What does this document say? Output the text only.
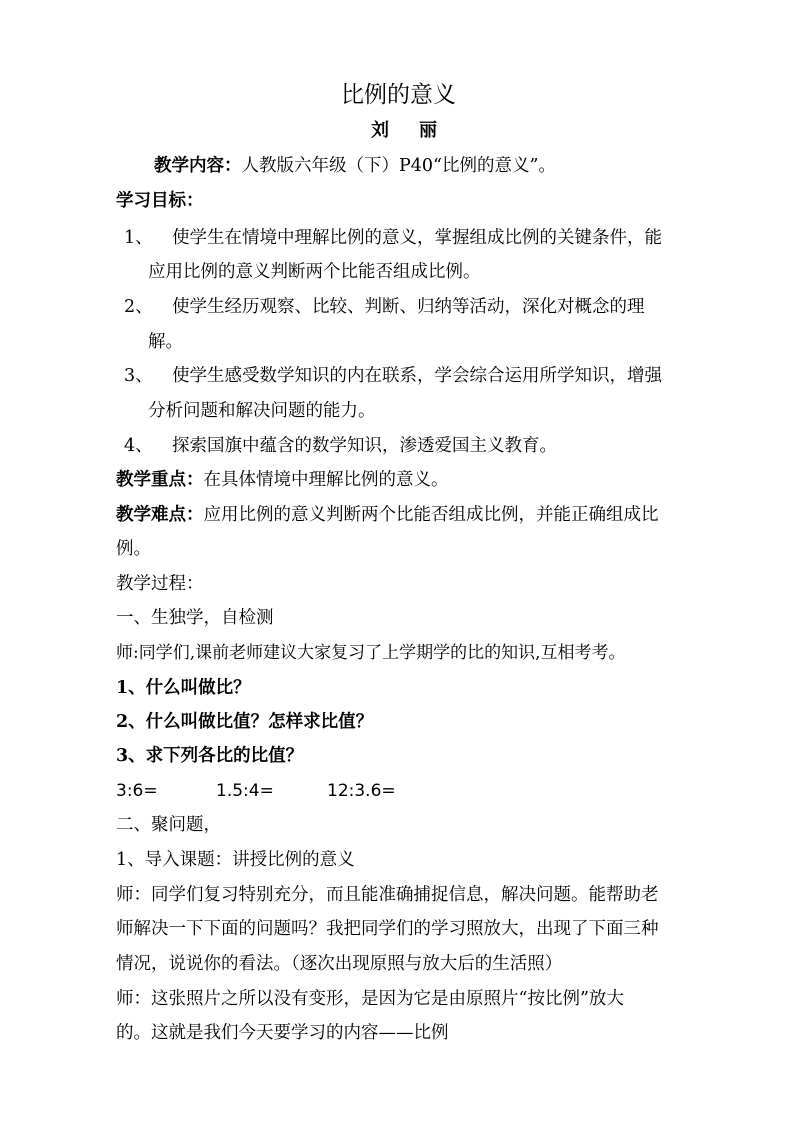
比例的意义
刘丽
教学内容：人教版六年级（下）P40“比例的意义”。
学习目标：
1、 使学生在情境中理解比例的意义，掌握组成比例的关键条件，能
应用比例的意义判断两个比能否组成比例。
2、 使学生经历观察、比较、判断、归纳等活动，深化对概念的理
解。
3、 使学生感受数学知识的内在联系，学会综合运用所学知识，增强
分析问题和解决问题的能力。
4、 探索国旗中蕴含的数学知识，渗透爱国主义教育。
教学重点：在具体情境中理解比例的意义。
教学难点：应用比例的意义判断两个比能否组成比例，并能正确组成比
例。
教学过程：
一、生独学，自检测
师:同学们,课前老师建议大家复习了上学期学的比的知识,互相考考。
1、什么叫做比？
2、什么叫做比值？怎样求比值？
3、求下列各比的比值？
3:6=	1.5:4=	12:3.6=
二、聚问题，
1、导入课题：讲授比例的意义
师：同学们复习特别充分，而且能准确捕捉信息，解决问题。能帮助老
师解决一下下面的问题吗？我把同学们的学习照放大，出现了下面三种
情况，说说你的看法。（逐次出现原照与放大后的生活照）
师：这张照片之所以没有变形，是因为它是由原照片“按比例”放大
的。这就是我们今天要学习的内容——比例
